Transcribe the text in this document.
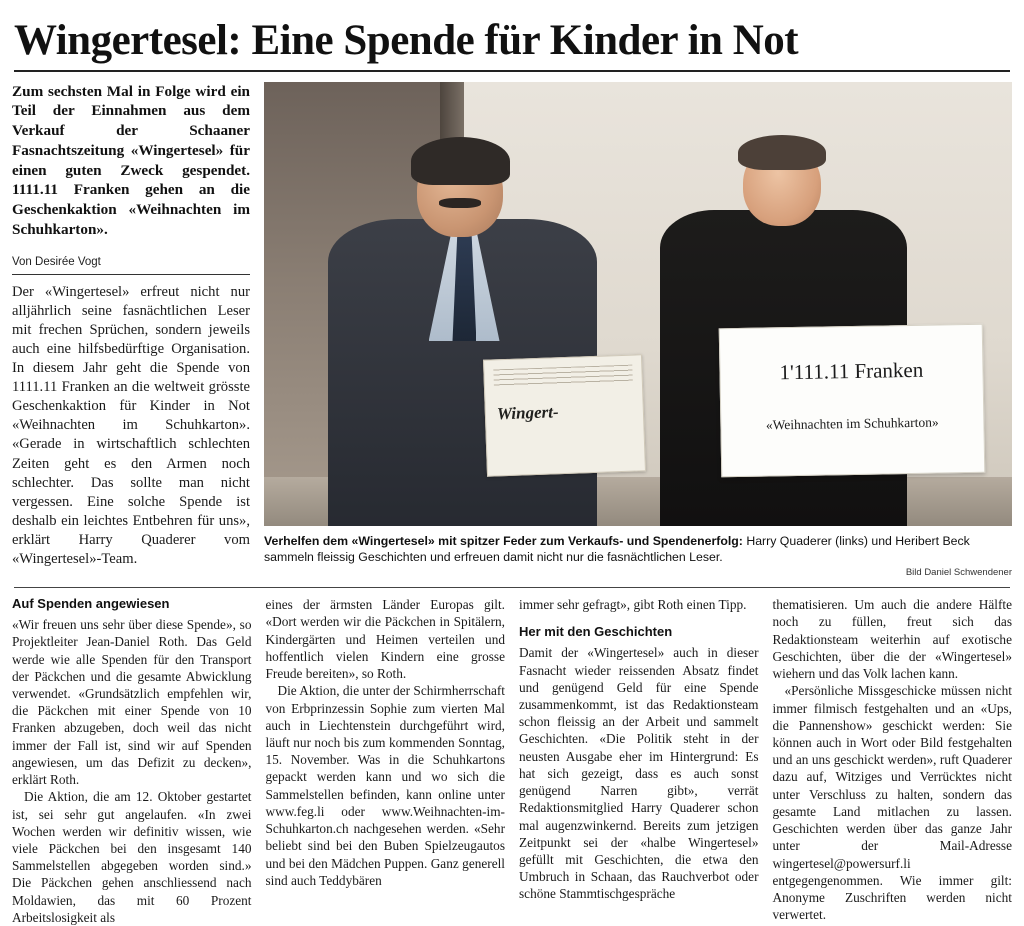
Wingertesel: Eine Spende für Kinder in Not

Zum sechsten Mal in Folge wird ein Teil der Einnahmen aus dem Verkauf der Schaaner Fasnachtszeitung «Wingertesel» für einen guten Zweck gespendet. 1111.11 Franken gehen an die Geschenkaktion «Weihnachten im Schuhkarton».

Von Desirée Vogt

Der «Wingertesel» erfreut nicht nur alljährlich seine fasnächtlichen Leser mit frechen Sprüchen, sondern jeweils auch eine hilfsbedürftige Organisation. In diesem Jahr geht die Spende von 1111.11 Franken an die weltweit grösste Geschenkaktion für Kinder in Not «Weihnachten im Schuhkarton». «Gerade in wirtschaftlich schlechten Zeiten geht es den Armen noch schlechter. Das sollte man nicht vergessen. Eine solche Spende ist deshalb ein leichtes Entbehren für uns», erklärt Harry Quaderer vom «Wingertesel»-Team.

Wingert-
1'111.11 Franken
«Weihnachten im Schuhkarton»
Verhelfen dem «Wingertesel» mit spitzer Feder zum Verkaufs- und Spendenerfolg: Harry Quaderer (links) und Heribert Beck sammeln fleissig Geschichten und erfreuen damit nicht nur die fasnächtlichen Leser.
Bild Daniel Schwendener
Auf Spenden angewiesen

«Wir freuen uns sehr über diese Spende», so Projektleiter Jean-Daniel Roth. Das Geld werde wie alle Spenden für den Transport der Päckchen und die gesamte Abwicklung verwendet. «Grundsätzlich empfehlen wir, die Päckchen mit einer Spende von 10 Franken abzugeben, doch weil das nicht immer der Fall ist, sind wir auf Spenden angewiesen, um das Defizit zu decken», erklärt Roth.

Die Aktion, die am 12. Oktober gestartet ist, sei sehr gut angelaufen. «In zwei Wochen werden wir definitiv wissen, wie viele Päckchen bei den insgesamt 140 Sammelstellen abgegeben worden sind.» Die Päckchen gehen anschliessend nach Moldawien, das mit 60 Prozent Arbeitslosigkeit als

eines der ärmsten Länder Europas gilt. «Dort werden wir die Päckchen in Spitälern, Kindergärten und Heimen verteilen und hoffentlich vielen Kindern eine grosse Freude bereiten», so Roth.

Die Aktion, die unter der Schirmherrschaft von Erbprinzessin Sophie zum vierten Mal auch in Liechtenstein durchgeführt wird, läuft nur noch bis zum kommenden Sonntag, 15. November. Was in die Schuhkartons gepackt werden kann und wo sich die Sammelstellen befinden, kann online unter www.feg.li oder www.Weihnachten-im-Schuhkarton.ch nachgesehen werden. «Sehr beliebt sind bei den Buben Spielzeugautos und bei den Mädchen Puppen. Ganz generell sind auch Teddybären

immer sehr gefragt», gibt Roth einen Tipp.

Her mit den Geschichten

Damit der «Wingertesel» auch in dieser Fasnacht wieder reissenden Absatz findet und genügend Geld für eine Spende zusammenkommt, ist das Redaktionsteam schon fleissig an der Arbeit und sammelt Geschichten. «Die Politik steht in der neusten Ausgabe eher im Hintergrund: Es hat sich gezeigt, dass es auch sonst genügend Narren gibt», verrät Redaktionsmitglied Harry Quaderer schon mal augenzwinkernd. Bereits zum jetzigen Zeitpunkt sei der «halbe Wingertesel» gefüllt mit Geschichten, die etwa den Umbruch in Schaan, das Rauchverbot oder schöne Stammtischgespräche

thematisieren. Um auch die andere Hälfte noch zu füllen, freut sich das Redaktionsteam weiterhin auf exotische Geschichten, über die der «Wingertesel» wiehern und das Volk lachen kann.

«Persönliche Missgeschicke müssen nicht immer filmisch festgehalten und an «Ups, die Pannenshow» geschickt werden: Sie können auch in Wort oder Bild festgehalten und an uns geschickt werden», ruft Quaderer dazu auf, Witziges und Verrücktes nicht unter Verschluss zu halten, sondern das gesamte Land mitlachen zu lassen. Geschichten werden über das ganze Jahr unter der Mail-Adresse wingertesel@powersurf.li entgegengenommen. Wie immer gilt: Anonyme Zuschriften werden nicht verwertet.
